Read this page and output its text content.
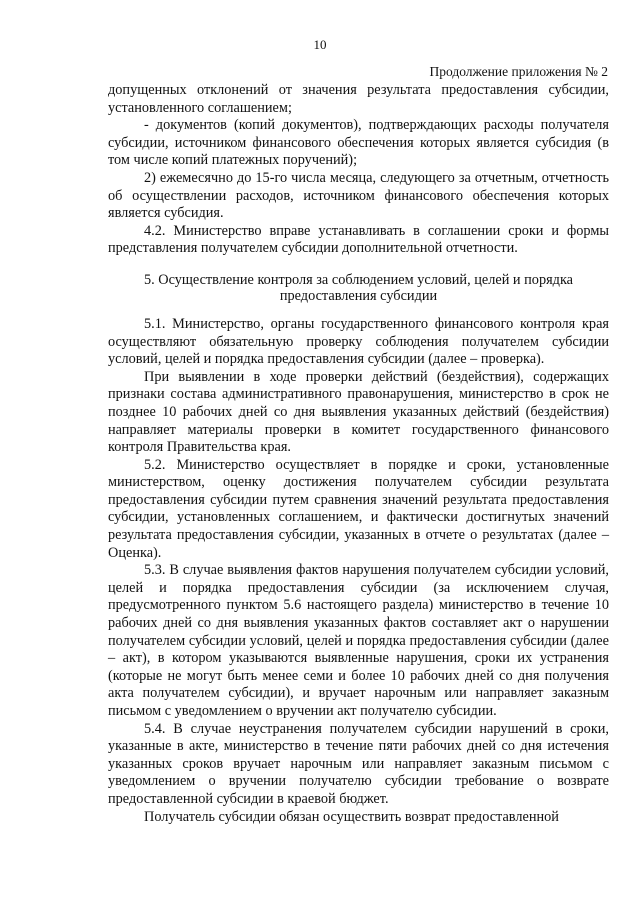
10
Продолжение приложения № 2

допущенных отклонений от значения результата предоставления субсидии, установленного соглашением;

- документов (копий документов), подтверждающих расходы получателя субсидии, источником финансового обеспечения которых является субсидия (в том числе копий платежных поручений);

2) ежемесячно до 15-го числа месяца, следующего за отчетным, отчетность об осуществлении расходов, источником финансового обеспечения которых является субсидия.

4.2. Министерство вправе устанавливать в соглашении сроки и формы представления получателем субсидии дополнительной отчетности.

5. Осуществление контроля за соблюдением условий, целей и порядка предоставления субсидии

5.1. Министерство, органы государственного финансового контроля края осуществляют обязательную проверку соблюдения получателем субсидии условий, целей и порядка предоставления субсидии (далее – проверка).

При выявлении в ходе проверки действий (бездействия), содержащих признаки состава административного правонарушения, министерство в срок не позднее 10 рабочих дней со дня выявления указанных действий (бездействия) направляет материалы проверки в комитет государственного финансового контроля Правительства края.

5.2. Министерство осуществляет в порядке и сроки, установленные министерством, оценку достижения получателем субсидии результата предоставления субсидии путем сравнения значений результата предоставления субсидии, установленных соглашением, и фактически достигнутых значений результата предоставления субсидии, указанных в отчете о результатах (далее – Оценка).

5.3. В случае выявления фактов нарушения получателем субсидии условий, целей и порядка предоставления субсидии (за исключением случая, предусмотренного пунктом 5.6 настоящего раздела) министерство в течение 10 рабочих дней со дня выявления указанных фактов составляет акт о нарушении получателем субсидии условий, целей и порядка предоставления субсидии (далее – акт), в котором указываются выявленные нарушения, сроки их устранения (которые не могут быть менее семи и более 10 рабочих дней со дня получения акта получателем субсидии), и вручает нарочным или направляет заказным письмом с уведомлением о вручении акт получателю субсидии.

5.4. В случае неустранения получателем субсидии нарушений в сроки, указанные в акте, министерство в течение пяти рабочих дней со дня истечения указанных сроков вручает нарочным или направляет заказным письмом с уведомлением о вручении получателю субсидии требование о возврате предоставленной субсидии в краевой бюджет.

Получатель субсидии обязан осуществить возврат предоставленной
